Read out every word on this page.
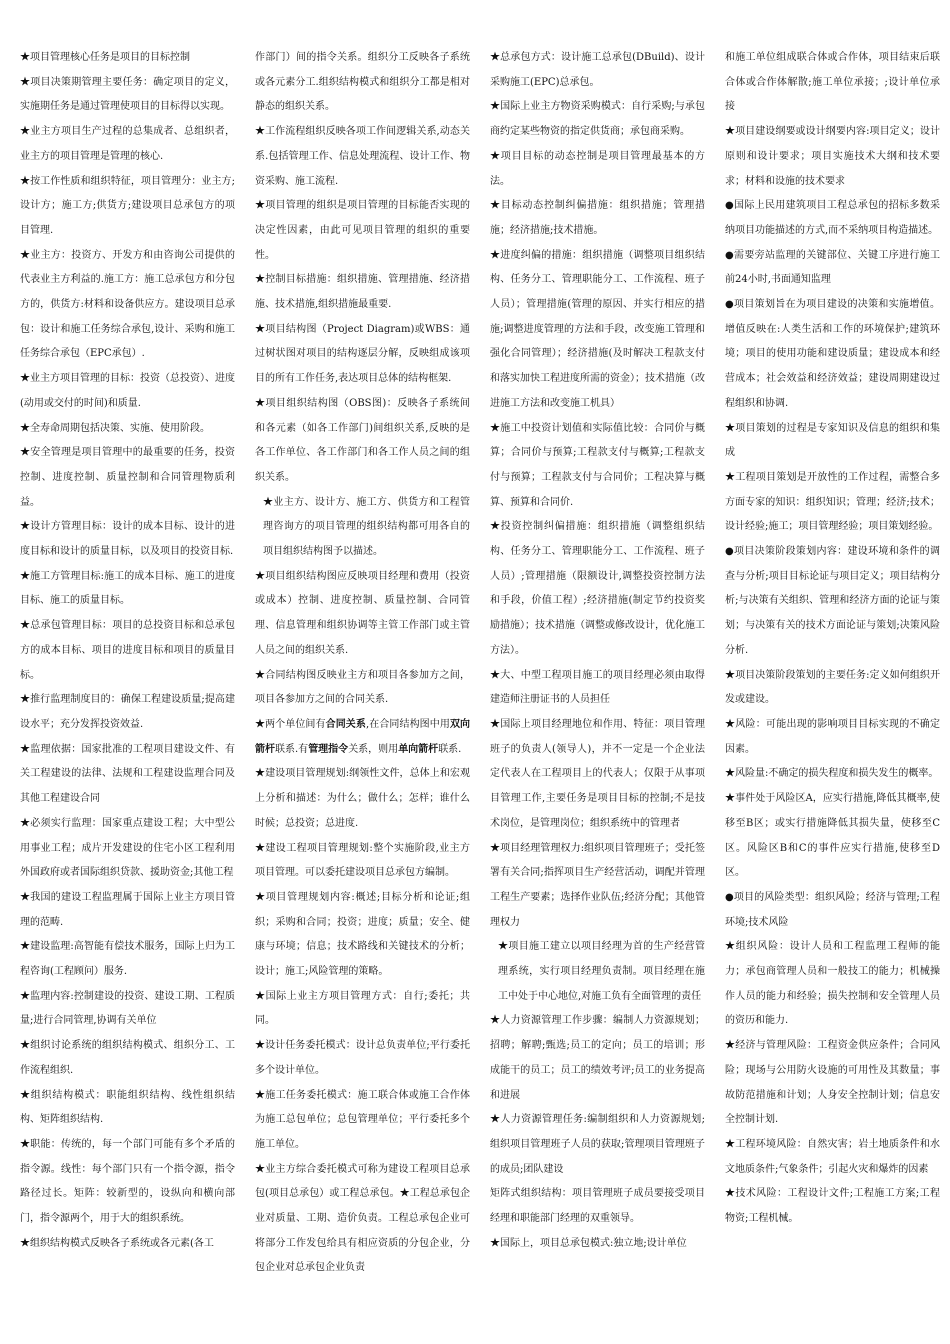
★项目管理核心任务是项目的目标控制

★项目决策期管理主要任务：确定项目的定义，实施期任务是通过管理使项目的目标得以实现。

★业主方项目生产过程的总集成者、总组织者，业主方的项目管理是管理的核心.

★按工作性质和组织特征，项目管理分：业主方;设计方；施工方;供货方;建设项目总承包方的项目管理.

★业主方：投资方、开发方和由咨询公司提供的代表业主方利益的.施工方：施工总承包方和分包方的，供货方:材料和设备供应方。建设项目总承包：设计和施工任务综合承包,设计、采购和施工任务综合承包（EPC承包）.

★业主方项目管理的目标：投资（总投资）、进度(动用或交付的时间)和质量.

★全寿命周期包括决策、实施、使用阶段。

★安全管理是项目管理中的最重要的任务，投资控制、进度控制、质量控制和合同管理物质利益。

★设计方管理目标：设计的成本目标、设计的进度目标和设计的质量目标，以及项目的投资目标.

★施工方管理目标:施工的成本目标、施工的进度目标、施工的质量目标。

★总承包管理目标：项目的总投资目标和总承包方的成本目标、项目的进度目标和项目的质量目标。

★推行监理制度目的：确保工程建设质量;提高建设水平；充分发挥投资效益.

★监理依据：国家批准的工程项目建设文件、有关工程建设的法律、法规和工程建设监理合同及其他工程建设合同

★必须实行监理：国家重点建设工程；大中型公用事业工程；成片开发建设的住宅小区工程利用外国政府或者国际组织贷款、援助资金;其他工程

★我国的建设工程监理属于国际上业主方项目管理的范畴.

★建设监理:高智能有偿技术服务，国际上归为工程咨询(工程顾问）服务.

★监理内容:控制建设的投资、建设工期、工程质量;进行合同管理,协调有关单位

★组织讨论系统的组织结构模式、组织分工、工作流程组织.

★组织结构模式：职能组织结构、线性组织结构、矩阵组织结构.

★职能：传统的，每一个部门可能有多个矛盾的指令源。线性：每个部门只有一个指令源，指令路径过长。矩阵：较新型的，设纵向和横向部门，指令源两个，用于大的组织系统。

★组织结构模式反映各子系统或各元素(各工

作部门）间的指令关系。组织分工反映各子系统或各元素分工.组织结构模式和组织分工都是相对静态的组织关系。

★工作流程组织反映各项工作间逻辑关系,动态关系.包括管理工作、信息处理流程、设计工作、物资采购、施工流程.

★项目管理的组织是项目管理的目标能否实现的决定性因素，由此可见项目管理的组织的重要性。

★控制目标措施：组织措施、管理措施、经济措施、技术措施,组织措施最重要.

★项目结构图（Project Diagram)或WBS：通过树状图对项目的结构逐层分解，反映组成该项目的所有工作任务,表达项目总体的结构框架.

★项目组织结构图（OBS图)：反映各子系统间和各元素（如各工作部门)间组织关系,反映的是各工作单位、各工作部门和各工作人员之间的组织关系。

★业主方、设计方、施工方、供货方和工程管理咨询方的项目管理的组织结构都可用各自的项目组织结构图予以描述。

★项目组织结构图应反映项目经理和费用（投资或成本）控制、进度控制、质量控制、合同管理、信息管理和组织协调等主管工作部门或主管人员之间的组织关系.

★合同结构图反映业主方和项目各参加方之间，项目各参加方之间的合同关系.

★两个单位间有合同关系,在合同结构图中用双向箭杆联系.有管理指令关系，则用单向箭杆联系.

★建设项目管理规划:纲领性文件，总体上和宏观上分析和描述：为什么；做什么；怎样；谁什么时候；总投资；总进度.

★建设工程项目管理规划:整个实施阶段,业主方项目管理。可以委托建设项目总承包方编制。

★项目管理规划内容:概述;目标分析和论证;组织；采购和合同；投资；进度；质量；安全、健康与环境；信息；技术路线和关键技术的分析；设计；施工;风险管理的策略。

★国际上业主方项目管理方式：自行;委托；共同。

★设计任务委托模式：设计总负责单位;平行委托多个设计单位。

★施工任务委托模式：施工联合体或施工合作体为施工总包单位；总包管理单位；平行委托多个施工单位。

★业主方综合委托模式可称为建设工程项目总承包(项目总承包）或工程总承包。★工程总承包企业对质量、工期、造价负责。工程总承包企业可将部分工作发包给具有相应资质的分包企业，分包企业对总承包企业负责

★总承包方式：设计施工总承包(DBuild)、设计采购施工(EPC)总承包。

★国际上业主方物资采购模式：自行采购;与承包商约定某些物资的指定供货商；承包商采购。

★项目目标的动态控制是项目管理最基本的方法。

★目标动态控制纠偏措施：组织措施；管理措施；经济措施;技术措施。

★进度纠偏的措施：组织措施（调整项目组织结构、任务分工、管理职能分工、工作流程、班子人员）；管理措施(管理的原因、并实行相应的措施;调整进度管理的方法和手段，改变施工管理和强化合同管理）；经济措施(及时解决工程款支付和落实加快工程进度所需的资金）；技术措施（改进施工方法和改变施工机具）

★施工中投资计划值和实际值比较：合同价与概算；合同价与预算;工程款支付与概算;工程款支付与预算；工程款支付与合同价；工程决算与概算、预算和合同价.

★投资控制纠偏措施：组织措施（调整组织结构、任务分工、管理职能分工、工作流程、班子人员）;管理措施（限额设计,调整投资控制方法和手段，价值工程）;经济措施(制定节约投资奖励措施）；技术措施（调整或修改设计，优化施工方法）。

★大、中型工程项目施工的项目经理必须由取得建造师注册证书的人员担任

★国际上项目经理地位和作用、特征：项目管理班子的负责人(领导人)，并不一定是一个企业法定代表人在工程项目上的代表人；仅限于从事项目管理工作,主要任务是项目目标的控制;不是技术岗位，是管理岗位；组织系统中的管理者

★项目经理管理权力:组织项目管理班子；受托签署有关合同;指挥项目生产经营活动，调配并管理工程生产要素；选择作业队伍;经济分配；其他管理权力

★项目施工建立以项目经理为首的生产经营管理系统，实行项目经理负责制。项目经理在施工中处于中心地位,对施工负有全面管理的责任

★人力资源管理工作步骤：编制人力资源规划；招聘；解聘;甄选;员工的定向；员工的培训；形成能干的员工；员工的绩效考评;员工的业务提高和进展

★人力资源管理任务:编制组织和人力资源规划;组织项目管理班子人员的获取;管理项目管理班子的成员;团队建设

矩阵式组织结构：项目管理班子成员要接受项目经理和职能部门经理的双重领导。

★国际上，项目总承包模式:独立地;设计单位

和施工单位组成联合体或合作体，项目结束后联合体或合作体解散;施工单位承接；;设计单位承接

★项目建设纲要或设计纲要内容:项目定义；设计原则和设计要求；项目实施技术大纲和技术要求；材料和设施的技术要求

●国际上民用建筑项目工程总承包的招标多数采纳项目功能描述的方式,而不采纳项目构造描述。

●需要旁站监理的关键部位、关键工序进行施工前24小时,书面通知监理

●项目策划旨在为项目建设的决策和实施增值。增值反映在:人类生活和工作的环境保护;建筑环境；项目的使用功能和建设质量；建设成本和经营成本；社会效益和经济效益；建设周期建设过程组织和协调.

★项目策划的过程是专家知识及信息的组织和集成

★工程项目策划是开放性的工作过程，需整合多方面专家的知识：组织知识；管理；经济;技术；设计经验;施工；项目管理经验；项目策划经验。

●项目决策阶段策划内容：建设环境和条件的调查与分析;项目目标论证与项目定义；项目结构分析;与决策有关组织、管理和经济方面的论证与策划；与决策有关的技术方面论证与策划;决策风险分析.

★项目决策阶段策划的主要任务:定义如何组织开发或建设。

★风险：可能出现的影响项目目标实现的不确定因素。

★风险量:不确定的损失程度和损失发生的概率。

★事件处于风险区A，应实行措施,降低其概率,使移至B区；或实行措施降低其损失量，使移至C区。风险区B和C的事件应实行措施,使移至D区。

●项目的风险类型：组织风险；经济与管理;工程环境;技术风险

★组织风险：设计人员和工程监理工程师的能力；承包商管理人员和一般技工的能力；机械操作人员的能力和经验；损失控制和安全管理人员的资历和能力.

★经济与管理风险：工程资金供应条件；合同风险；现场与公用防火设施的可用性及其数量；事故防范措施和计划；人身安全控制计划；信息安全控制计划.

★工程环境风险：自然灾害；岩土地质条件和水文地质条件;气象条件；引起火灾和爆炸的因素

★技术风险：工程设计文件;工程施工方案;工程物资;工程机械。
